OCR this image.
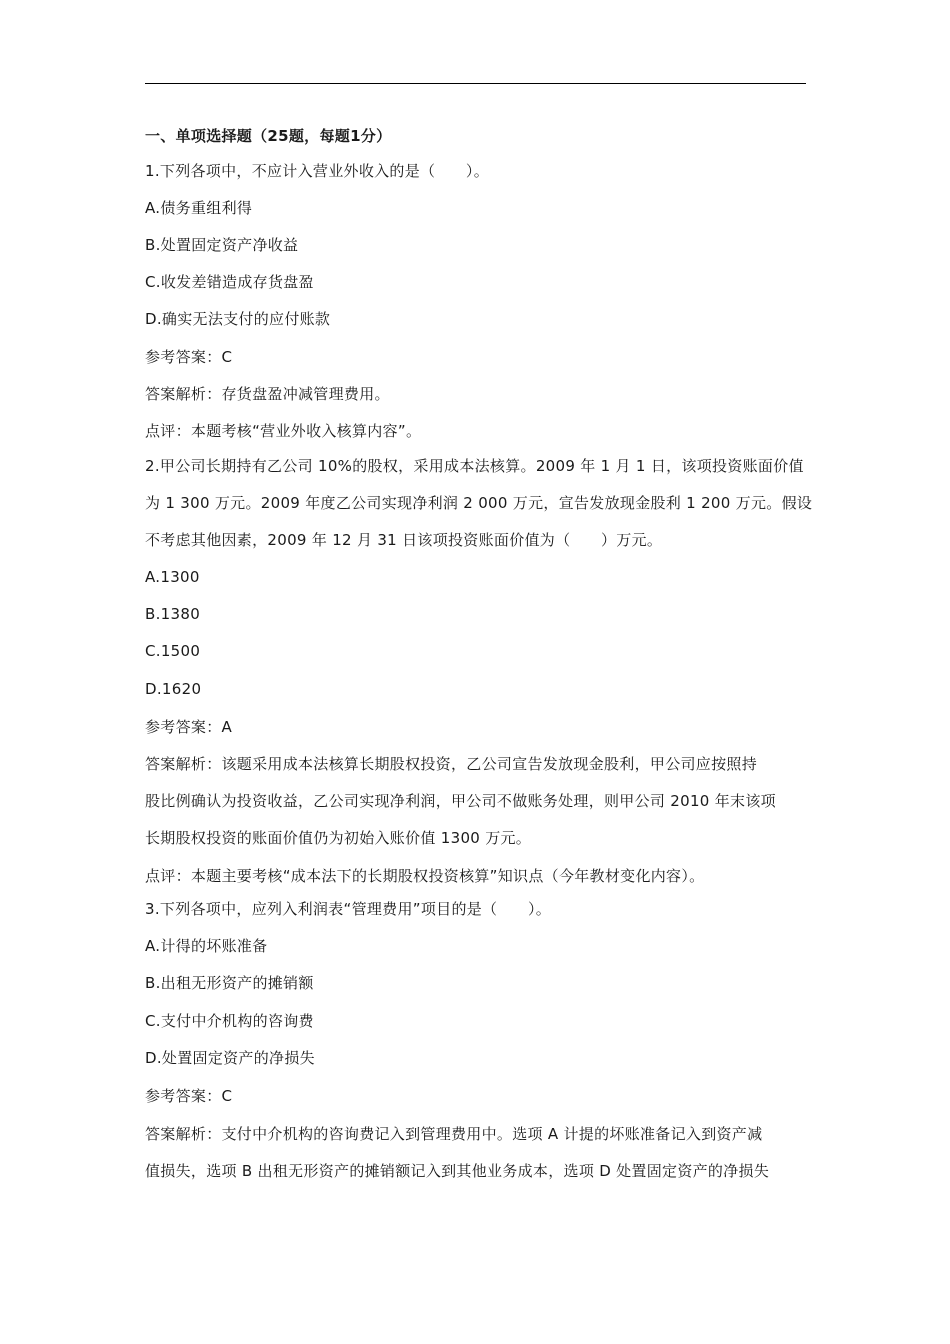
一、单项选择题（25题，每题1分）
1.下列各项中，不应计入营业外收入的是（　　）。
A.债务重组利得
B.处置固定资产净收益
C.收发差错造成存货盘盈
D.确实无法支付的应付账款
参考答案：C
答案解析：存货盘盈冲减管理费用。
点评：本题考核“营业外收入核算内容”。
2.甲公司长期持有乙公司 10%的股权，采用成本法核算。2009 年 1 月 1 日，该项投资账面价值
为 1 300 万元。2009 年度乙公司实现净利润 2 000 万元，宣告发放现金股利 1 200 万元。假设
不考虑其他因素，2009 年 12 月 31 日该项投资账面价值为（　　）万元。
A.1300
B.1380
C.1500
D.1620
参考答案：A
答案解析：该题采用成本法核算长期股权投资，乙公司宣告发放现金股利，甲公司应按照持
股比例确认为投资收益，乙公司实现净利润，甲公司不做账务处理，则甲公司 2010 年末该项
长期股权投资的账面价值仍为初始入账价值 1300 万元。
点评：本题主要考核“成本法下的长期股权投资核算”知识点（今年教材变化内容）。
3.下列各项中，应列入利润表“管理费用”项目的是（　　）。
A.计得的坏账准备
B.出租无形资产的摊销额
C.支付中介机构的咨询费
D.处置固定资产的净损失
参考答案：C
答案解析：支付中介机构的咨询费记入到管理费用中。选项 A 计提的坏账准备记入到资产减
值损失，选项 B 出租无形资产的摊销额记入到其他业务成本，选项 D 处置固定资产的净损失
